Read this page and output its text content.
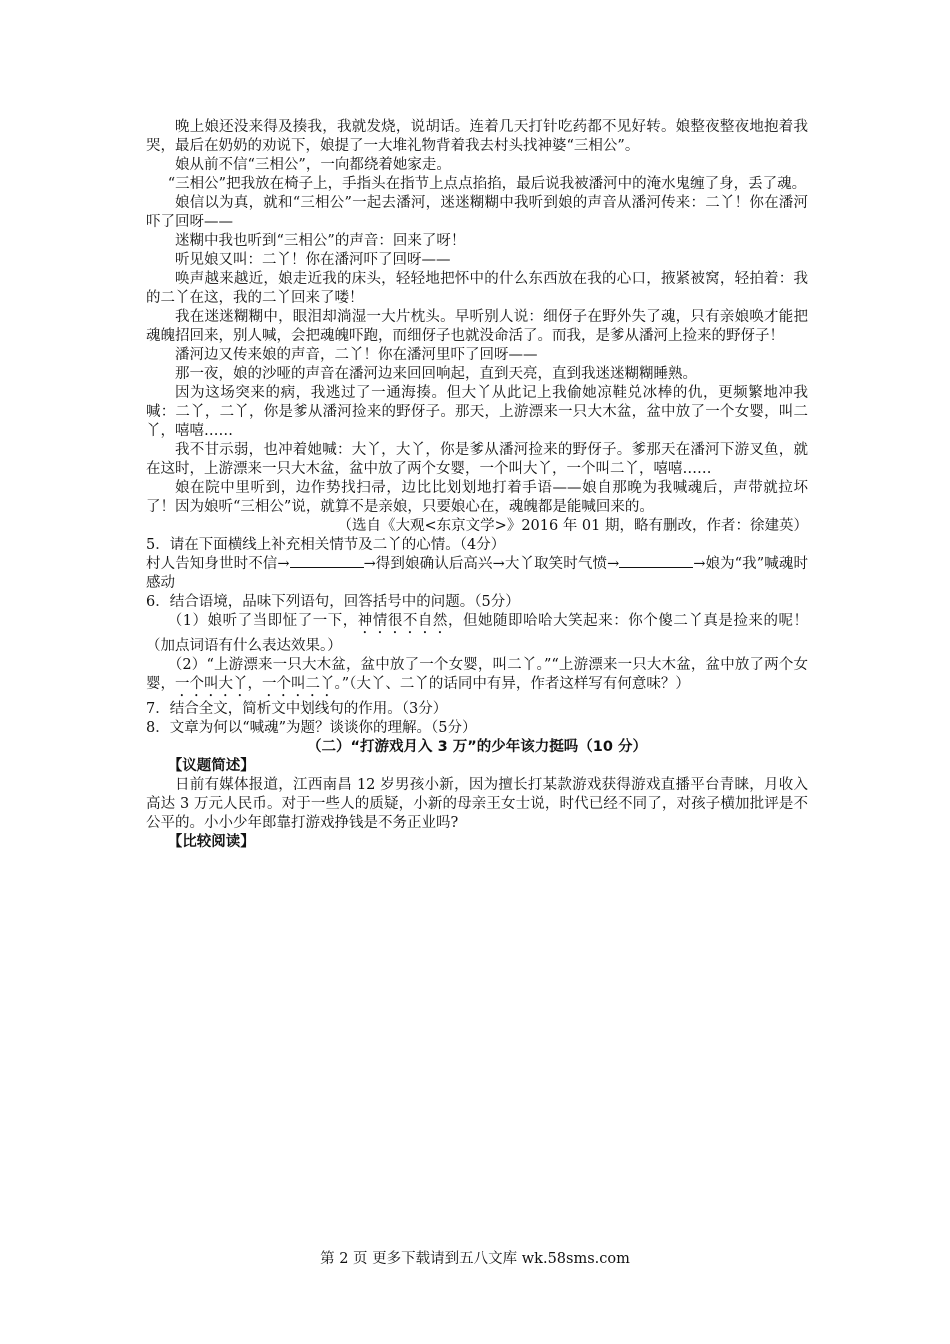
晚上娘还没来得及揍我，我就发烧，说胡话。连着几天打针吃药都不见好转。娘整夜整夜地抱着我哭，最后在奶奶的劝说下，娘提了一大堆礼物背着我去村头找神婆“三相公”。

娘从前不信“三相公”，一向都绕着她家走。

“三相公”把我放在椅子上，手指头在指节上点点掐掐，最后说我被潘河中的淹水鬼缠了身，丢了魂。

娘信以为真，就和“三相公”一起去潘河，迷迷糊糊中我听到娘的声音从潘河传来：二丫！你在潘河吓了回呀——

迷糊中我也听到“三相公”的声音：回来了呀！

听见娘又叫：二丫！你在潘河吓了回呀——

唤声越来越近，娘走近我的床头，轻轻地把怀中的什么东西放在我的心口，掖紧被窝，轻拍着：我的二丫在这，我的二丫回来了喽！

我在迷迷糊糊中，眼泪却淌湿一大片枕头。早听别人说：细伢子在野外失了魂，只有亲娘唤才能把魂魄招回来，别人喊，会把魂魄吓跑，而细伢子也就没命活了。而我，是爹从潘河上捡来的野伢子！

潘河边又传来娘的声音，二丫！你在潘河里吓了回呀——

那一夜，娘的沙哑的声音在潘河边来回回响起，直到天亮，直到我迷迷糊糊睡熟。

因为这场突来的病，我逃过了一通海揍。但大丫从此记上我偷她凉鞋兑冰棒的仇，更频繁地冲我喊：二丫，二丫，你是爹从潘河捡来的野伢子。那天，上游漂来一只大木盆，盆中放了一个女婴，叫二丫，嘻嘻……

我不甘示弱，也冲着她喊：大丫，大丫，你是爹从潘河捡来的野伢子。爹那天在潘河下游叉鱼，就在这时，上游漂来一只大木盆，盆中放了两个女婴，一个叫大丫，一个叫二丫，嘻嘻……

娘在院中里听到，边作势找扫帚，边比比划划地打着手语——娘自那晚为我喊魂后，声带就拉坏了！因为娘听“三相公”说，就算不是亲娘，只要娘心在，魂魄都是能喊回来的。

（选自《大观<东京文学>》2016 年 01 期，略有删改，作者：徐建英）

5．请在下面横线上补充相关情节及二丫的心情。（4分）

村人告知身世时不信→	→得到娘确认后高兴→大丫取笑时气愤→	→娘为“我”喊魂时感动

6．结合语境，品味下列语句，回答括号中的问题。（5分）

（1）娘听了当即怔了一下，神情很不自然，但她随即哈哈大笑起来：你个傻二丫真是捡来的呢！（加点词语有什么表达效果。）

（2）“上游漂来一只大木盆，盆中放了一个女婴，叫二丫。”“上游漂来一只大木盆，盆中放了两个女婴，一个叫大丫，一个叫二丫。”（大丫、二丫的话同中有异，作者这样写有何意味？）

7．结合全文，简析文中划线句的作用。（3分）

8．文章为何以“喊魂”为题？谈谈你的理解。（5分）

（二）“打游戏月入 3 万”的少年该力挺吗（10 分）

【议题简述】

日前有媒体报道，江西南昌 12 岁男孩小新，因为擅长打某款游戏获得游戏直播平台青睐，月收入高达 3 万元人民币。对于一些人的质疑，小新的母亲王女士说，时代已经不同了，对孩子横加批评是不公平的。小小少年郎靠打游戏挣钱是不务正业吗?

【比较阅读】

第 2 页 更多下载请到五八文库 wk.58sms.com
